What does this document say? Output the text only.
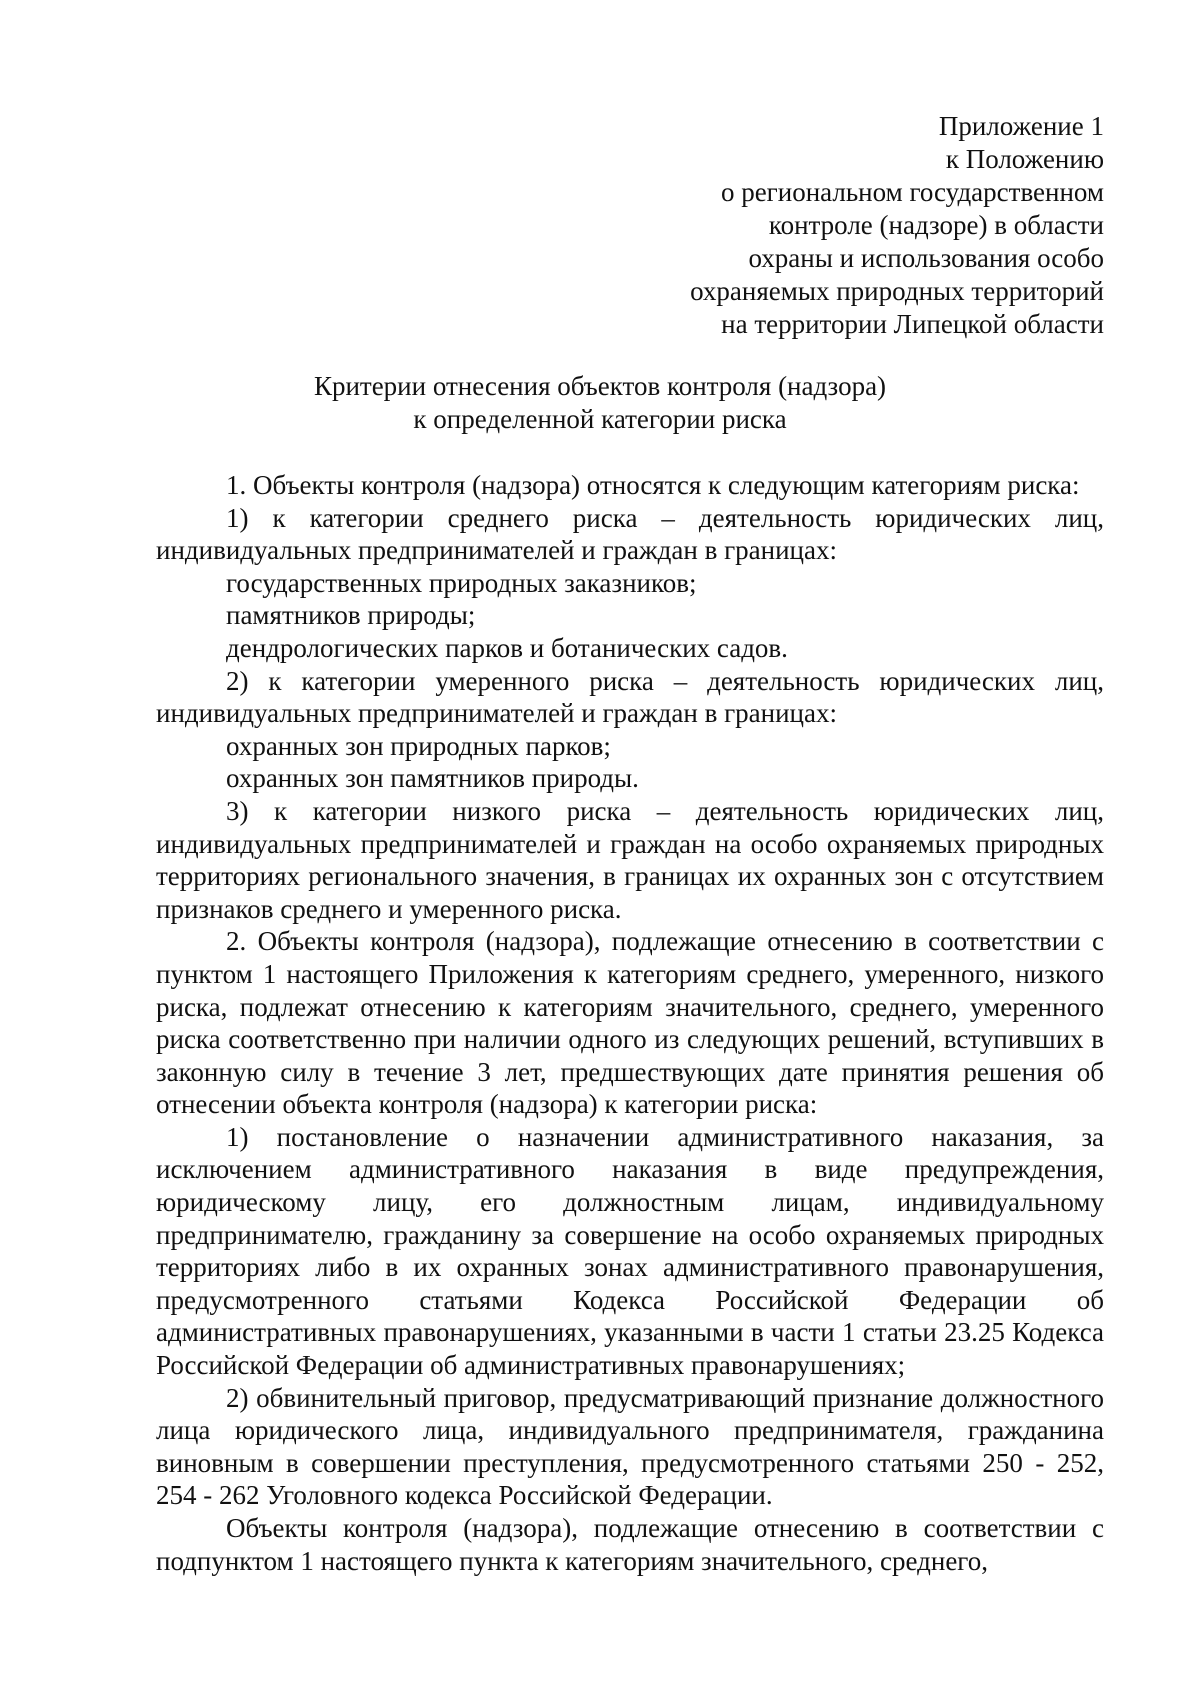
Приложение 1
к Положению
о региональном государственном
контроле (надзоре) в области
охраны и использования особо
охраняемых природных территорий
на территории Липецкой области
Критерии отнесения объектов контроля (надзора)
к определенной категории риска

1. Объекты контроля (надзора) относятся к следующим категориям риска:

1) к категории среднего риска – деятельность юридических лиц, индивидуальных предпринимателей и граждан в границах:

государственных природных заказников;

памятников природы;

дендрологических парков и ботанических садов.

2) к категории умеренного риска – деятельность юридических лиц, индивидуальных предпринимателей и граждан в границах:

охранных зон природных парков;

охранных зон памятников природы.

3) к категории низкого риска – деятельность юридических лиц, индивидуальных предпринимателей и граждан на особо охраняемых природных территориях регионального значения, в границах их охранных зон с отсутствием признаков среднего и умеренного риска.

2. Объекты контроля (надзора), подлежащие отнесению в соответствии с пунктом 1 настоящего Приложения к категориям среднего, умеренного, низкого риска, подлежат отнесению к категориям значительного, среднего, умеренного риска соответственно при наличии одного из следующих решений, вступивших в законную силу в течение 3 лет, предшествующих дате принятия решения об отнесении объекта контроля (надзора) к категории риска:

1) постановление о назначении административного наказания, за исключением административного наказания в виде предупреждения, юридическому лицу, его должностным лицам, индивидуальному предпринимателю, гражданину за совершение на особо охраняемых природных территориях либо в их охранных зонах административного правонарушения, предусмотренного статьями Кодекса Российской Федерации об административных правонарушениях, указанными в части 1 статьи 23.25 Кодекса Российской Федерации об административных правонарушениях;

2) обвинительный приговор, предусматривающий признание должностного лица юридического лица, индивидуального предпринимателя, гражданина виновным в совершении преступления, предусмотренного статьями 250 - 252, 254 - 262 Уголовного кодекса Российской Федерации.

Объекты контроля (надзора), подлежащие отнесению в соответствии с подпунктом 1 настоящего пункта к категориям значительного, среднего,
